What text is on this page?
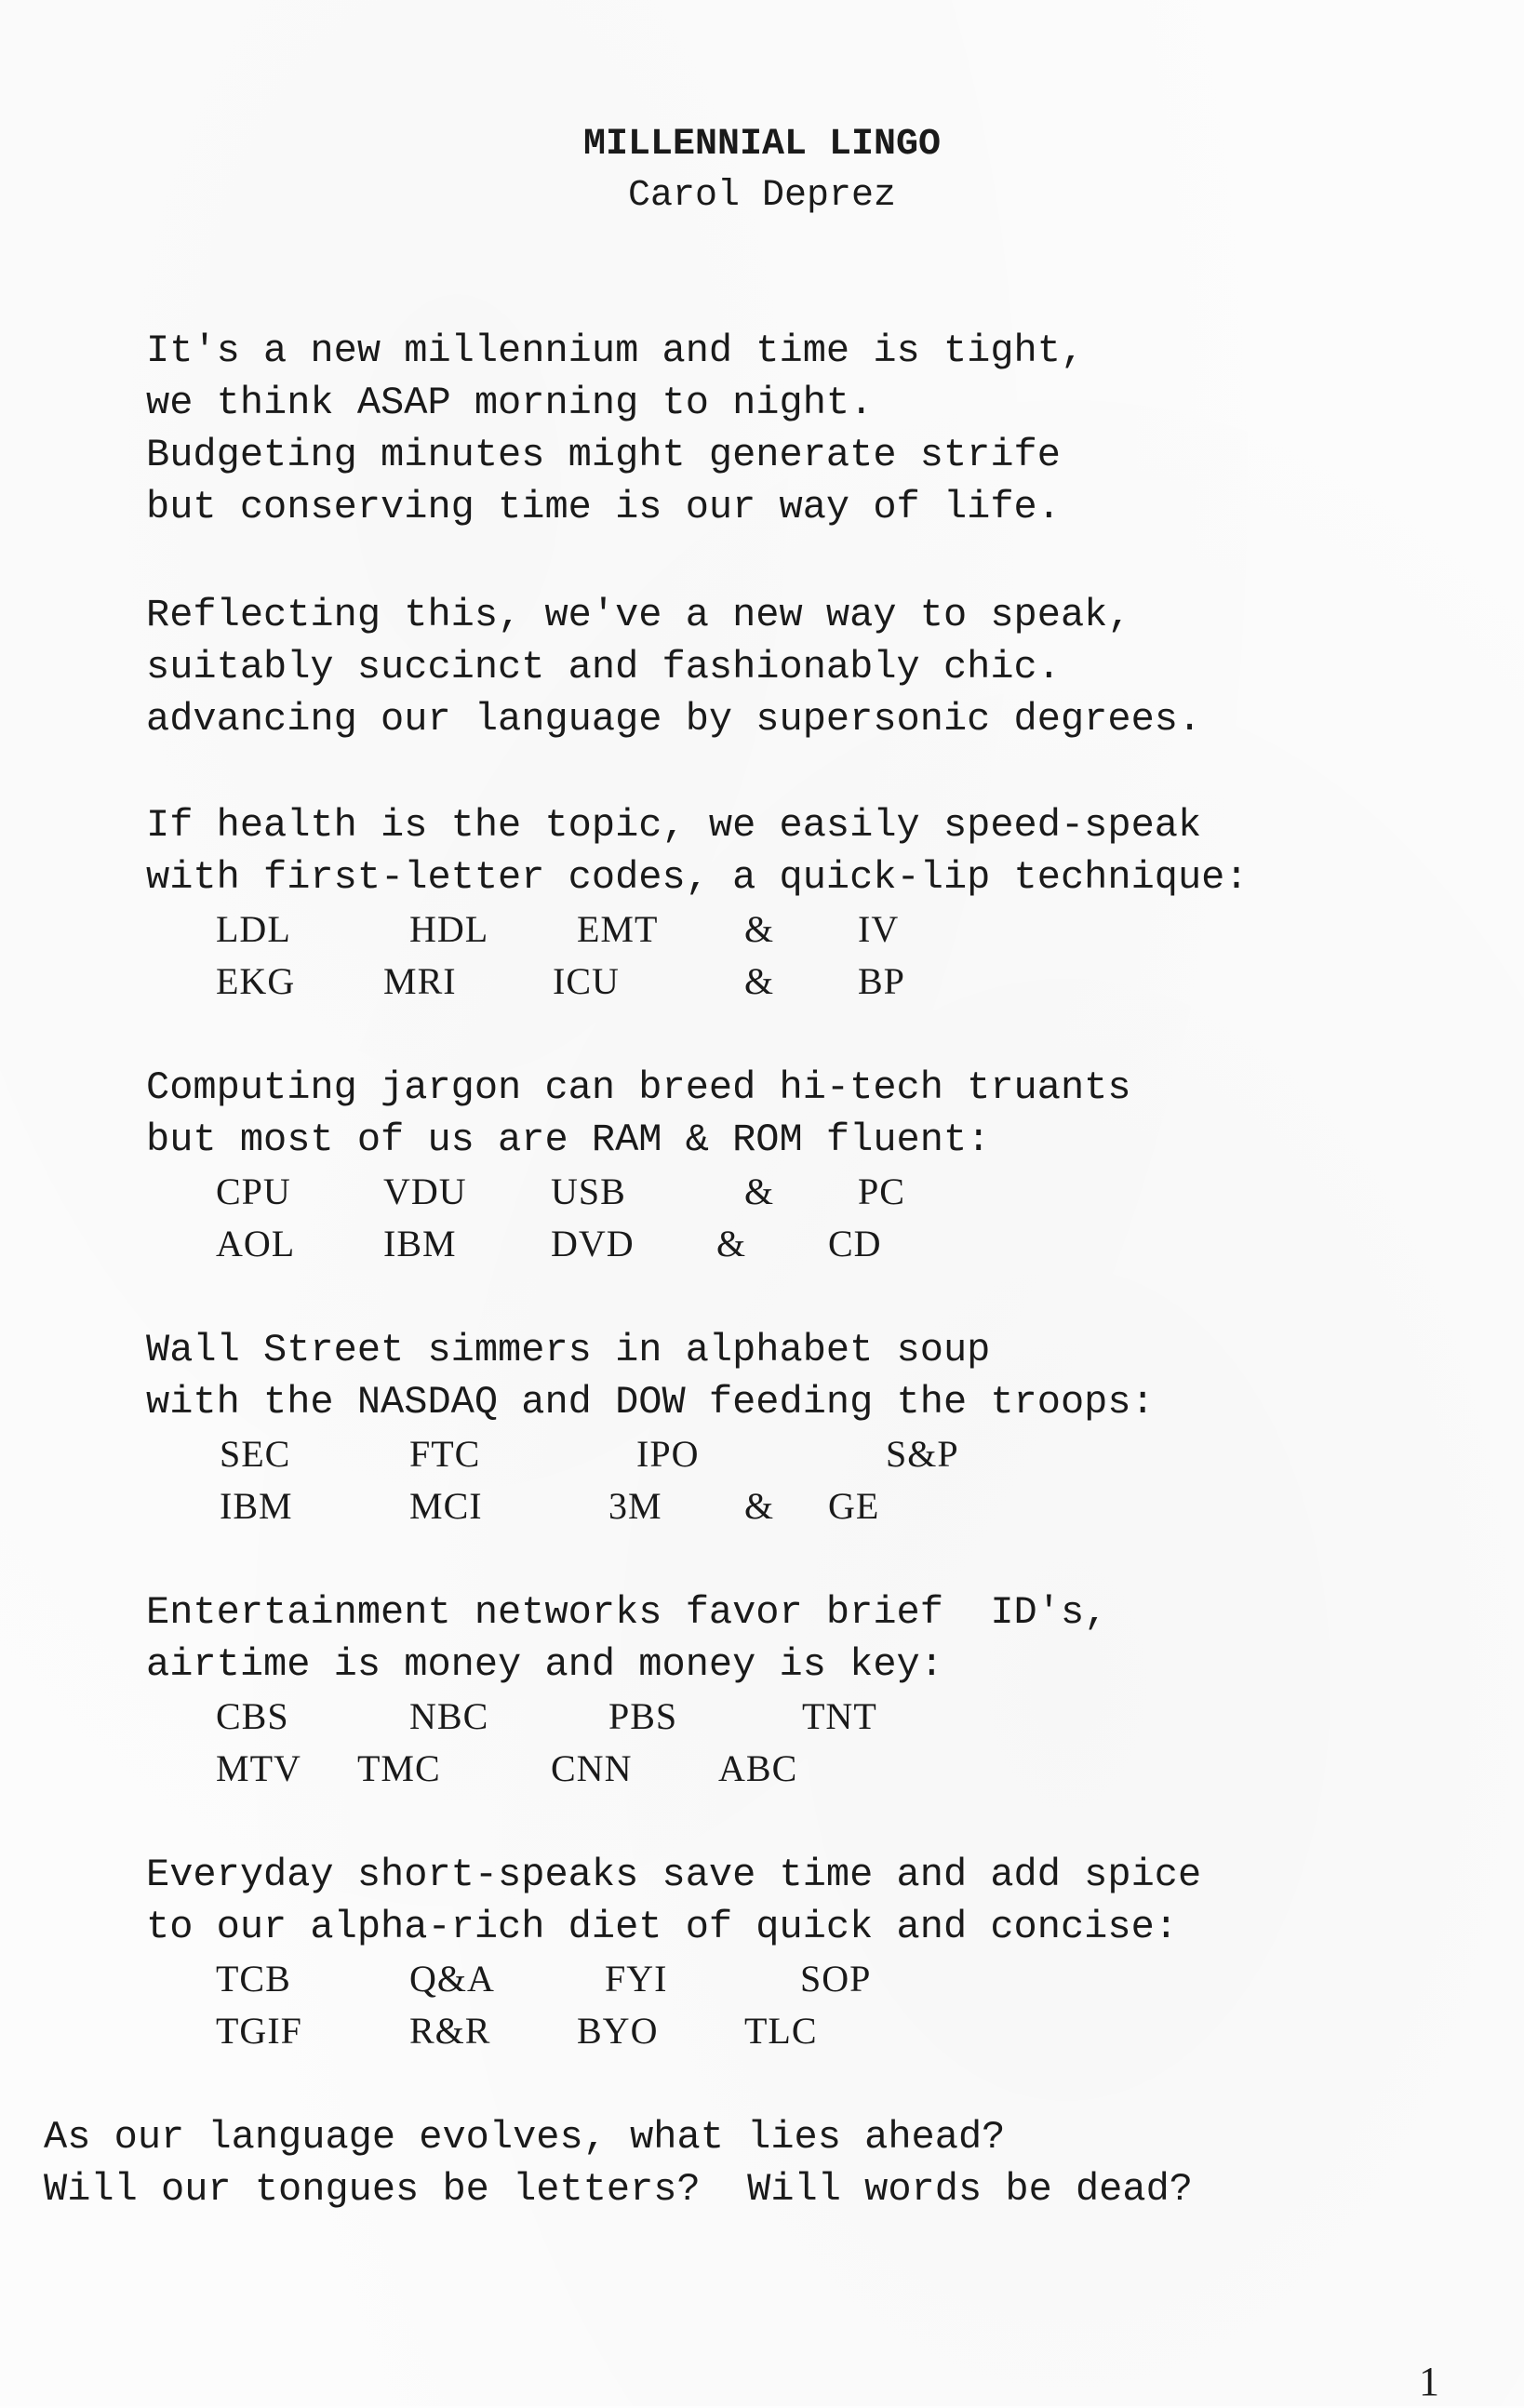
MILLENNIAL LINGO
Carol Deprez
It's a new millennium and time is tight,
we think ASAP morning to night.
Budgeting minutes might generate strife
but conserving time is our way of life.
Reflecting this, we've a new way to speak,
suitably succinct and fashionably chic.
advancing our language by supersonic degrees.
If health is the topic, we easily speed-speak
with first-letter codes, a quick-lip technique:
LDL	HDL EMT & IV
EKG MRI	ICU	& BP
Computing jargon can breed hi-tech truants
but most of us are RAM & ROM fluent:
CPU VDU USB	& PC
AOL IBM	DVD & CD
Wall Street simmers in alphabet soup
with the NASDAQ and DOW feeding the troops:
SEC	FTC	IPO	S&P
IBM	MCI	3M & GE
Entertainment networks favor brief  ID's,
airtime is money and money is key:
CBS	NBC	PBS	TNT
MTV TMC	CNN ABC
Everyday short-speaks save time and add spice
to our alpha-rich diet of quick and concise:
TCB	Q&A	FYI	SOP
TGIF	R&R BYO TLC
As our language evolves, what lies ahead?
Will our tongues be letters?  Will words be dead?
1
